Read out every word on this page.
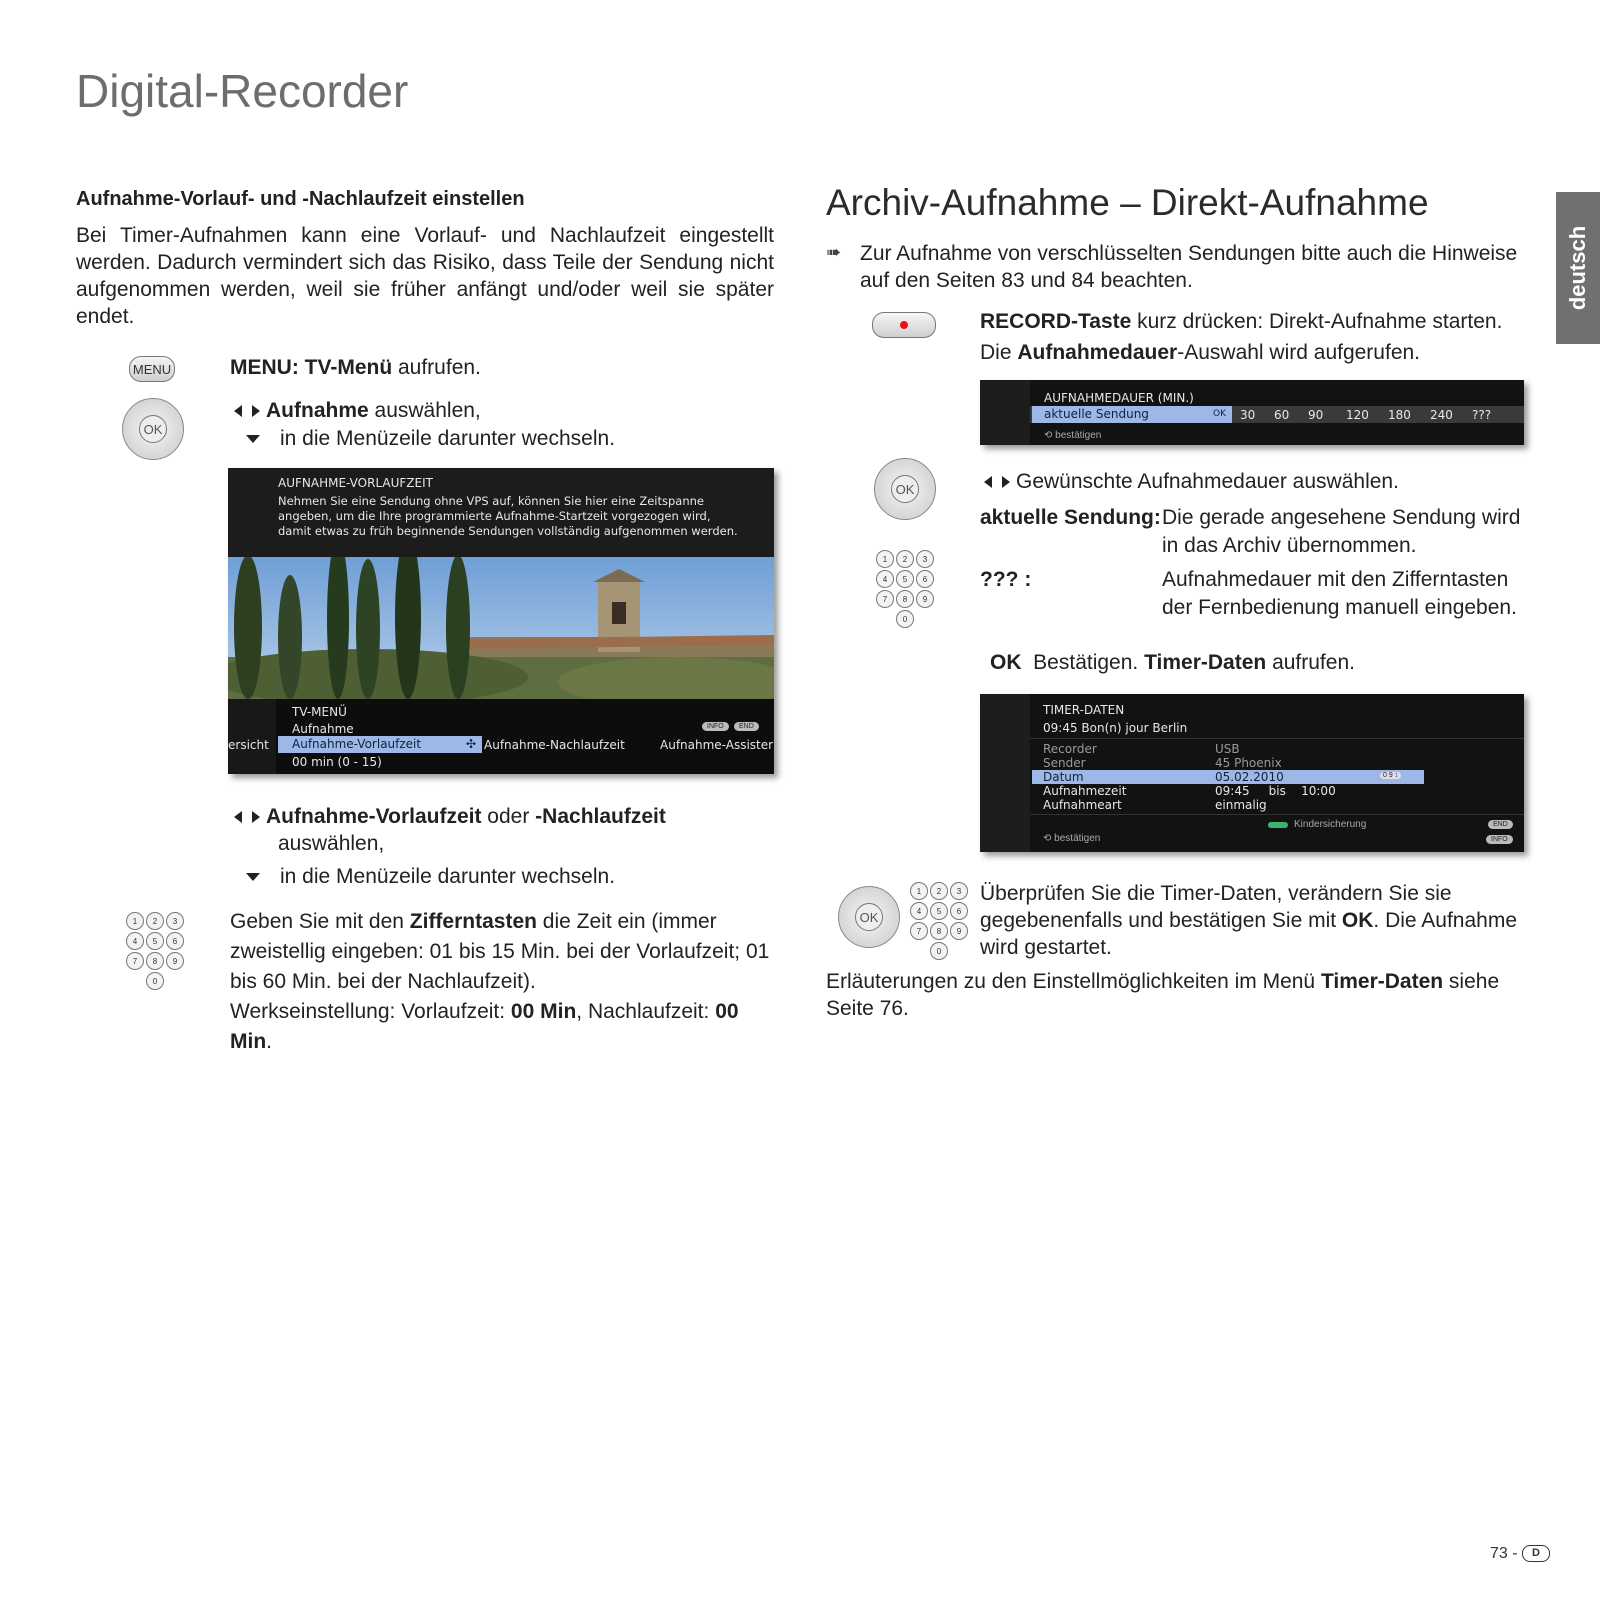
Digital-Recorder
deutsch
Aufnahme-Vorlauf- und -Nachlaufzeit einstellen
Bei Timer-Aufnahmen kann eine Vorlauf- und Nachlaufzeit eingestellt werden. Dadurch vermindert sich das Risiko, dass Teile der Sendung nicht aufgenommen werden, weil sie früher anfängt und/oder weil sie später endet.
MENU	MENU: TV-Menü aufrufen.
OK
Aufnahme auswählen,
in die Menüzeile darunter wechseln.
AUFNAHME-VORLAUFZEIT
Nehmen Sie eine Sendung ohne VPS auf, können Sie hier eine Zeitspanne angeben, um die Ihre programmierte Aufnahme-Startzeit vorgezogen wird, damit etwas zu früh beginnende Sendungen vollständig aufgenommen werden.
TV-MENÜ
Aufnahme	INFO	END
ersicht	Aufnahme-Vorlaufzeit	✣ Aufnahme-Nachlaufzeit	Aufnahme-Assister
00 min (0 - 15)
Aufnahme-Vorlaufzeit oder -Nachlaufzeit
auswählen,
in die Menüzeile darunter wechseln.
1	2	3
4	5	6
7	8	9
0
Geben Sie mit den Zifferntasten die Zeit ein (immer zweistellig eingeben: 01 bis 15 Min. bei der Vorlaufzeit; 01 bis 60 Min. bei der Nachlaufzeit).
Werkseinstellung: Vorlaufzeit: 00 Min, Nachlaufzeit: 00 Min.
Archiv-Aufnahme – Direkt-Aufnahme
➠ Zur Aufnahme von verschlüsselten Sendungen bitte auch die Hinweise auf den Seiten 83 und 84 beachten.
RECORD-Taste kurz drücken: Direkt-Aufnahme starten.
Die Aufnahmedauer-Auswahl wird aufgerufen.
AUFNAHMEDAUER (MIN.)
aktuelle Sendung	OK 30	60	90	120	180	240	???
⟲ bestätigen
OK	Gewünschte Aufnahmedauer auswählen.
1	2	3
4	5	6
7	8	9
0
aktuelle Sendung: Die gerade angesehene Sendung wird in das Archiv übernommen.
??? :	Aufnahmedauer mit den Zifferntasten der Fernbedienung manuell eingeben.
OK  Bestätigen. Timer-Daten aufrufen.
TIMER-DATEN
09:45 Bon(n) jour Berlin
Recorder	USB
Sender	45 Phoenix
Datum	05.02.2010	0 9 ↕
Aufnahmezeit	09:45     bis    10:00
Aufnahmeart	einmalig
Kindersicherung
⟲ bestätigen
END
INFO
OK
1	2	3
4	5	6
7	8	9
0
Überprüfen Sie die Timer-Daten, verändern Sie sie gegebenenfalls und bestätigen Sie mit OK. Die Aufnahme wird gestartet.
Erläuterungen zu den Einstellmöglichkeiten im Menü Timer-Daten siehe Seite 76.
73 - D
